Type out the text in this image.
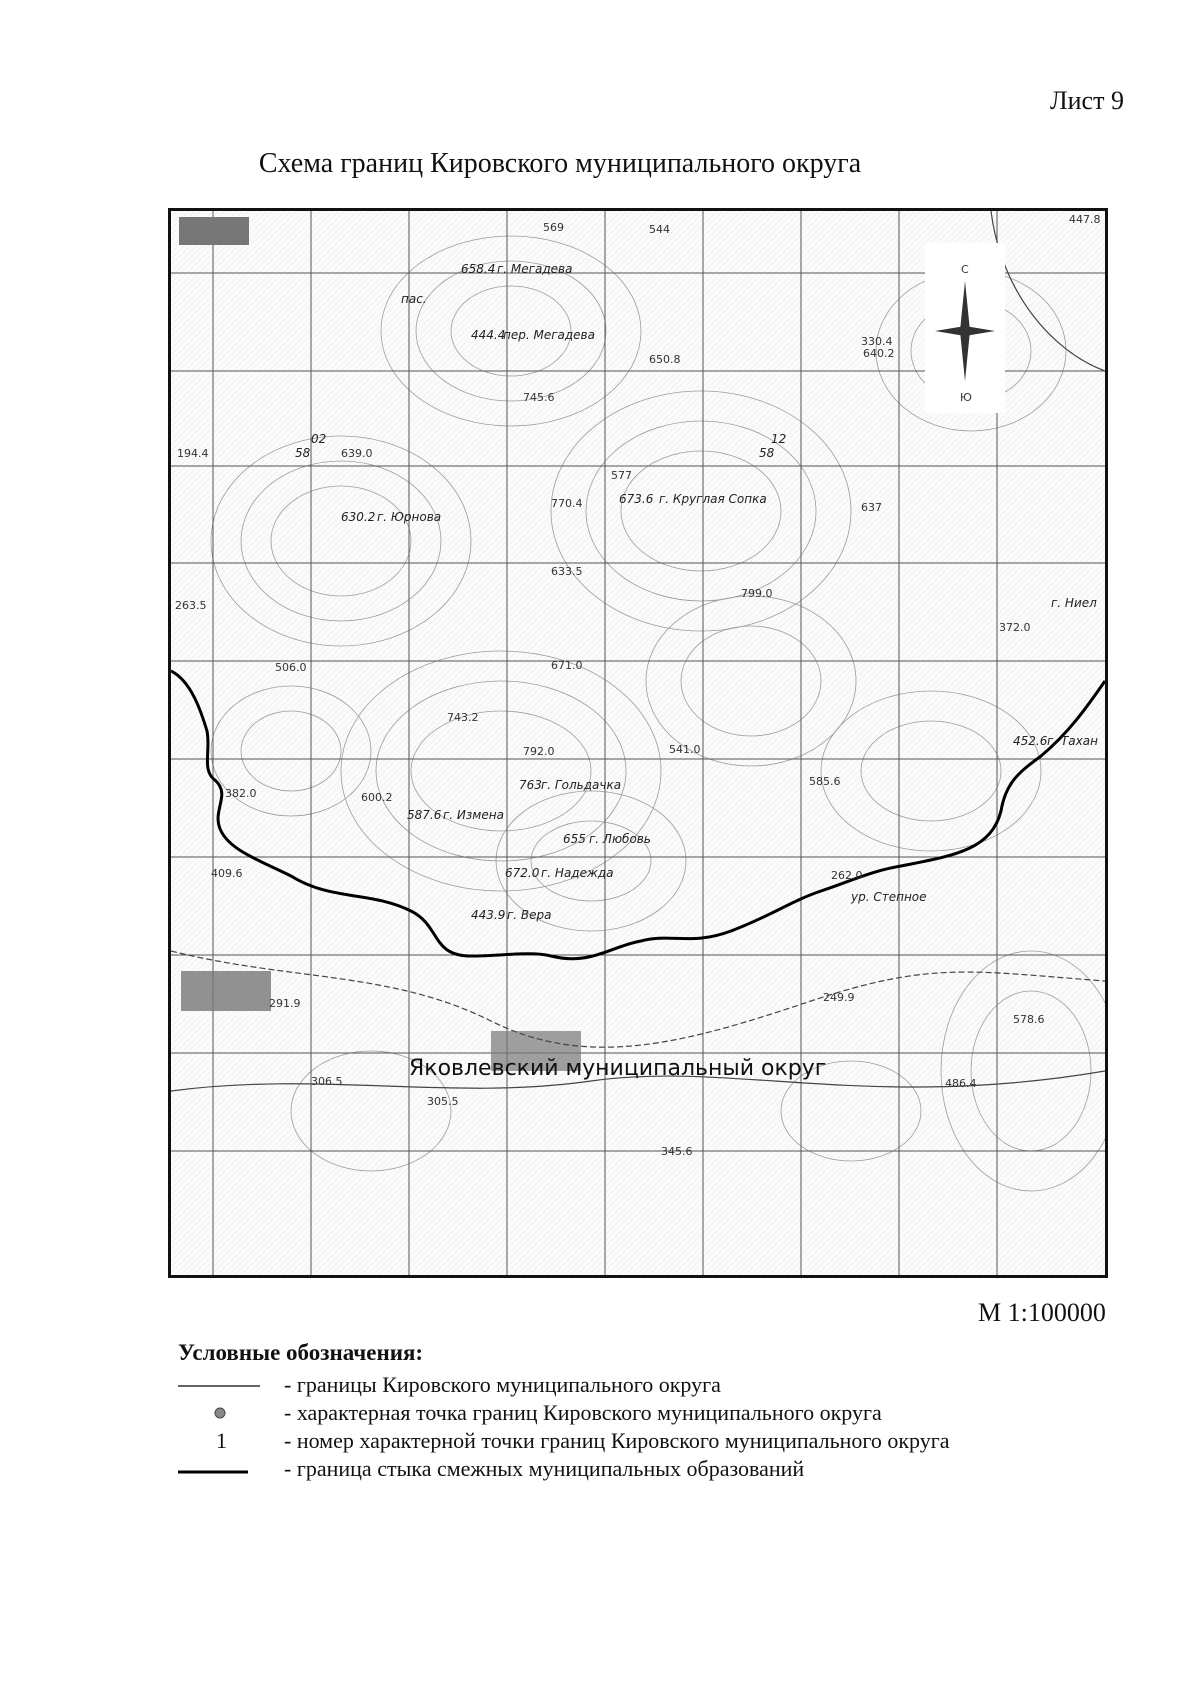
Лист 9
Схема границ Кировского муниципального округа
С
Ю
02
58
12
58
658.4 г. Мегадева
444.4
пер. Мегадева
673.6 г. Круглая Сопка
630.2 г. Юрнова
763 г. Гольдачка
587.6 г. Измена
655 г. Любовь
672.0 г. Надежда
443.9 г. Вера
452.6 г. Тахан
г. Ниел
ур. Степное
пас.
569	544
447.8
650.8
745.6
640.2
639.0
194.4
577
770.4	637
633.5
799.0
372.0
263.5
506.0	671.0
743.2
792.0	541.0
585.6
382.0	600.2
409.6	262.0
306.5
305.5
345.6
486.4
578.6
249.9
291.9
330.4
Яковлевский муниципальный округ
М 1:100000
Условные обозначения:
- границы Кировского муниципального округа
- характерная точка границ Кировского муниципального округа
1	- номер характерной точки границ Кировского муниципального округа
- граница стыка смежных муниципальных образований
